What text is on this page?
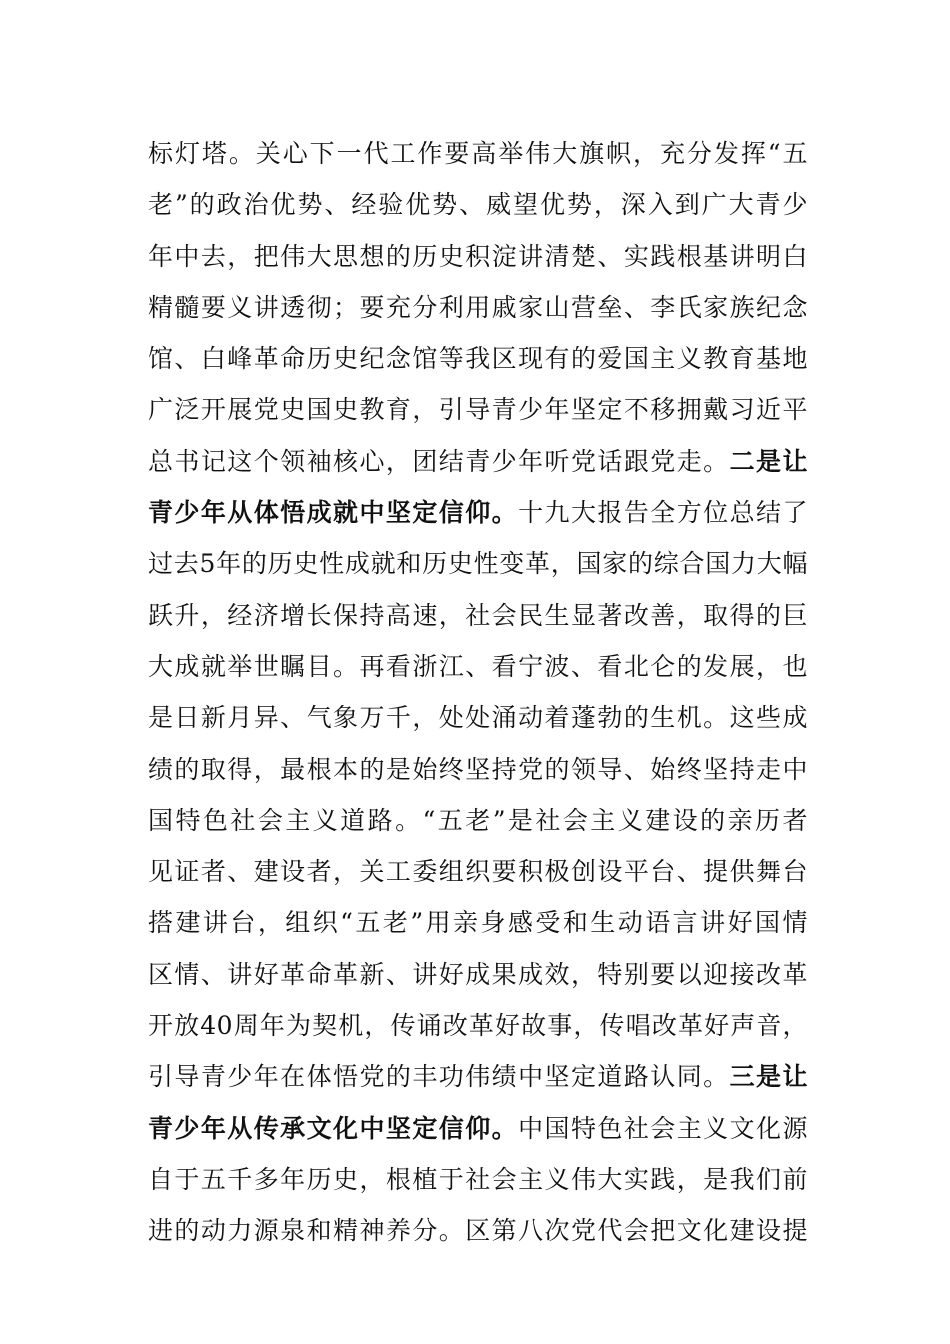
标灯塔。关心下一代工作要高举伟大旗帜，充分发挥“五
老”的政治优势、经验优势、威望优势，深入到广大青少
年中去，把伟大思想的历史积淀讲清楚、实践根基讲明白
精髓要义讲透彻；要充分利用戚家山营垒、李氏家族纪念
馆、白峰革命历史纪念馆等我区现有的爱国主义教育基地
广泛开展党史国史教育，引导青少年坚定不移拥戴习近平
总书记这个领袖核心，团结青少年听党话跟党走。二是让
青少年从体悟成就中坚定信仰。十九大报告全方位总结了
过去5年的历史性成就和历史性变革，国家的综合国力大幅
跃升，经济增长保持高速，社会民生显著改善，取得的巨
大成就举世瞩目。再看浙江、看宁波、看北仑的发展，也
是日新月异、气象万千，处处涌动着蓬勃的生机。这些成
绩的取得，最根本的是始终坚持党的领导、始终坚持走中
国特色社会主义道路。“五老”是社会主义建设的亲历者
见证者、建设者，关工委组织要积极创设平台、提供舞台
搭建讲台，组织“五老”用亲身感受和生动语言讲好国情
区情、讲好革命革新、讲好成果成效，特别要以迎接改革
开放40周年为契机，传诵改革好故事，传唱改革好声音，
引导青少年在体悟党的丰功伟绩中坚定道路认同。三是让
青少年从传承文化中坚定信仰。中国特色社会主义文化源
自于五千多年历史，根植于社会主义伟大实践，是我们前
进的动力源泉和精神养分。区第八次党代会把文化建设提
